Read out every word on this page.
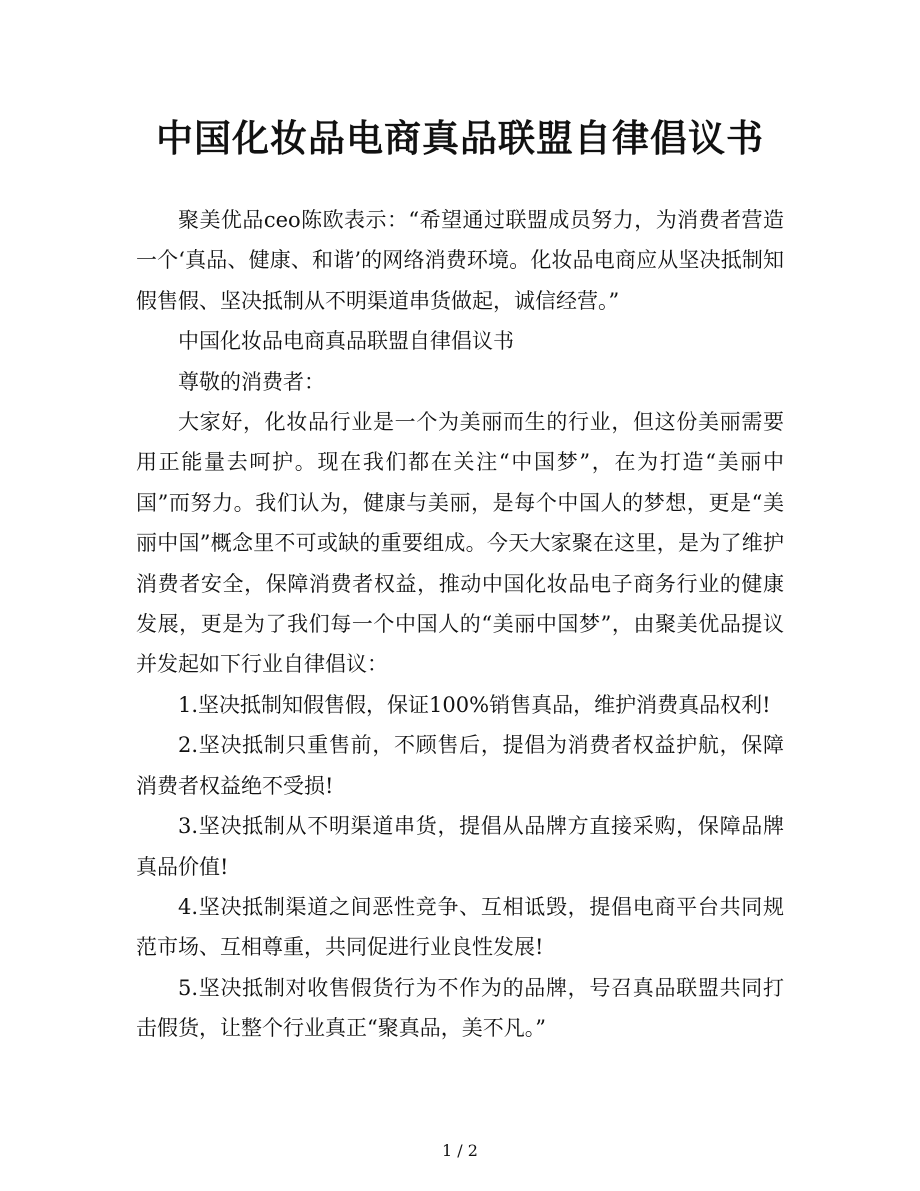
中国化妆品电商真品联盟自律倡议书

聚美优品ceo陈欧表示：“希望通过联盟成员努力，为消费者营造一个‘真品、健康、和谐’的网络消费环境。化妆品电商应从坚决抵制知假售假、坚决抵制从不明渠道串货做起，诚信经营。”

中国化妆品电商真品联盟自律倡议书

尊敬的消费者：

大家好，化妆品行业是一个为美丽而生的行业，但这份美丽需要用正能量去呵护。现在我们都在关注“中国梦”，在为打造“美丽中国”而努力。我们认为，健康与美丽，是每个中国人的梦想，更是“美丽中国”概念里不可或缺的重要组成。今天大家聚在这里，是为了维护消费者安全，保障消费者权益，推动中国化妆品电子商务行业的健康发展，更是为了我们每一个中国人的“美丽中国梦”，由聚美优品提议并发起如下行业自律倡议：

1.坚决抵制知假售假，保证100%销售真品，维护消费真品权利!

2.坚决抵制只重售前，不顾售后，提倡为消费者权益护航，保障消费者权益绝不受损!

3.坚决抵制从不明渠道串货，提倡从品牌方直接采购，保障品牌真品价值!

4.坚决抵制渠道之间恶性竞争、互相诋毁，提倡电商平台共同规范市场、互相尊重，共同促进行业良性发展!

5.坚决抵制对收售假货行为不作为的品牌，号召真品联盟共同打击假货，让整个行业真正“聚真品，美不凡。”

1 / 2
